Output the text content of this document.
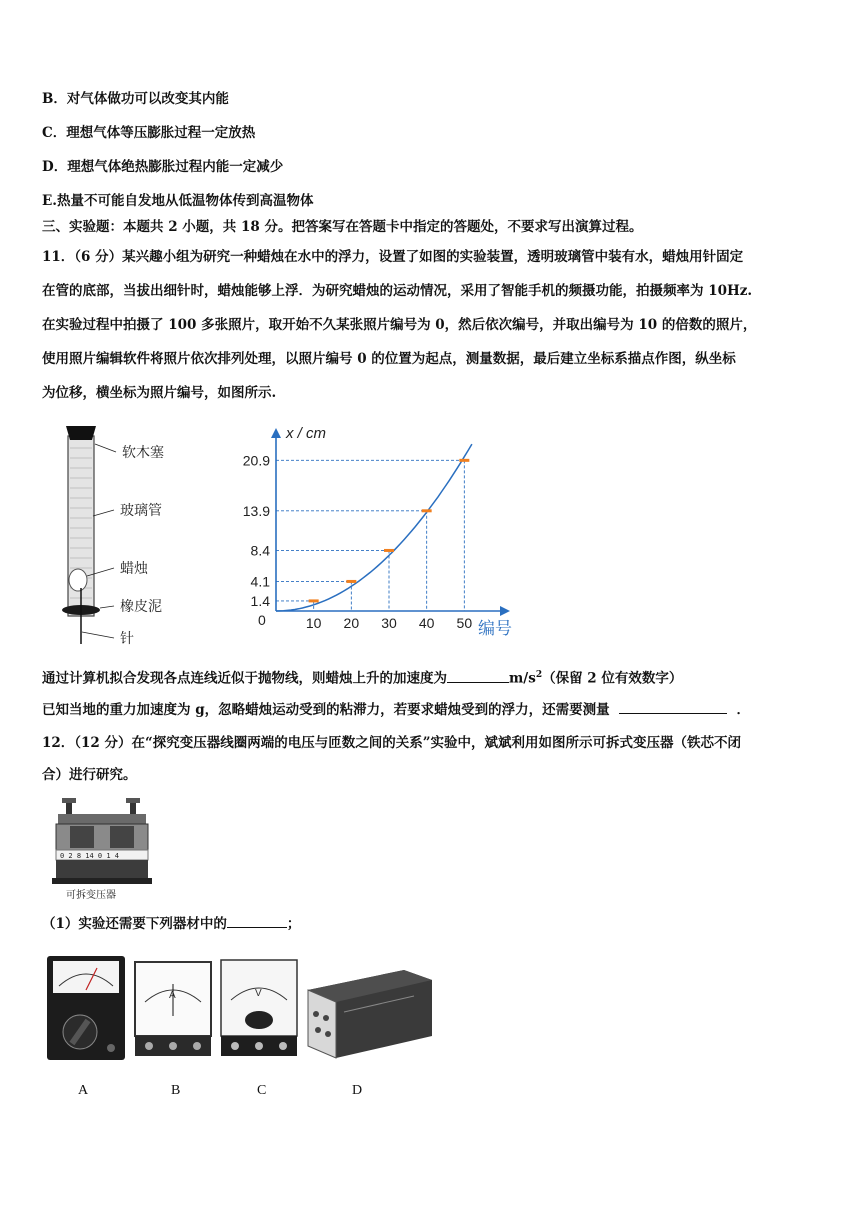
B．对气体做功可以改变其内能
C．理想气体等压膨胀过程一定放热
D．理想气体绝热膨胀过程内能一定减少
E.热量不可能自发地从低温物体传到高温物体
三、实验题：本题共 2 小题，共 18 分。把答案写在答题卡中指定的答题处，不要求写出演算过程。
11．（6 分）某兴趣小组为研究一种蜡烛在水中的浮力，设置了如图的实验装置，透明玻璃管中装有水，蜡烛用针固定
在管的底部，当拔出细针时，蜡烛能够上浮．为研究蜡烛的运动情况，采用了智能手机的频摄功能，拍摄频率为 10Hz.
在实验过程中拍摄了 100 多张照片，取开始不久某张照片编号为 0，然后依次编号，并取出编号为 10 的倍数的照片，
使用照片编辑软件将照片依次排列处理，以照片编号 0 的位置为起点，测量数据，最后建立坐标系描点作图，纵坐标
为位移，横坐标为照片编号，如图所示.
软木塞
玻璃管
蜡烛
橡皮泥
针
x / cm
编号
0	10 20 30 40 50
1.4
4.1
8.4
13.9
20.9
通过计算机拟合发现各点连线近似于抛物线，则蜡烛上升的加速度为	$m/s^2$（保留 2 位有效数字）
已知当地的重力加速度为 g，忽略蜡烛运动受到的粘滞力，若要求蜡烛受到的浮力，还需要测量	．
12．（12 分）在“探究变压器线圈两端的电压与匝数之间的关系”实验中，斌斌利用如图所示可拆式变压器（铁芯不闭
合）进行研究。
0 2 8 14 0 1 4
可拆变压器
（1）实验还需要下列器材中的	；
A
A
B
V
C	D
